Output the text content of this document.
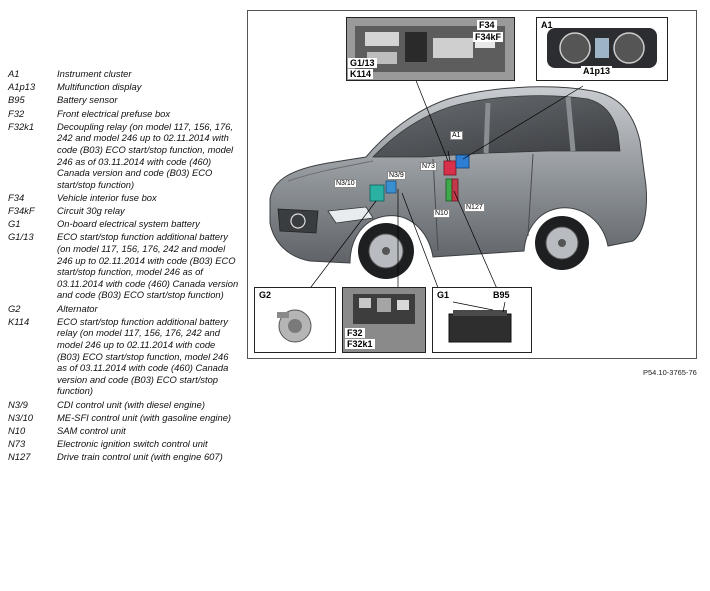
A1	Instrument cluster
A1p13	Multifunction display
B95	Battery sensor
F32	Front electrical prefuse box
F32k1	Decoupling relay (on model 117, 156, 176, 242 and model 246 up to 02.11.2014 with code (B03) ECO start/stop function, model 246 as of 03.11.2014 with code (460) Canada version and code (B03) ECO start/stop function)
F34	Vehicle interior fuse box
F34kF	Circuit 30g relay
G1	On-board electrical system battery
G1/13	ECO start/stop function additional battery (on model 117, 156, 176, 242 and model 246 up to 02.11.2014 with code (B03) ECO start/stop function, model 246 as of 03.11.2014 with code (460) Canada version and code (B03) ECO start/stop function)
G2	Alternator
K114	ECO start/stop function additional battery relay (on model 117, 156, 176, 242 and model 246 up to 02.11.2014 with code (B03) ECO start/stop function, model 246 as of 03.11.2014 with code (460) Canada version and code (B03) ECO start/stop function)
N3/9	CDI control unit (with diesel engine)
N3/10	ME-SFI control unit (with gasoline engine)
N10	SAM control unit
N73	Electronic ignition switch control unit
N127	Drive train control unit (with engine 607)
F34
F34kF
G1/13
K114
A1
A1p13
A1
N73
N3/10
N3/9
N10
N127
G2
F32
F32k1
G1	B95
P54.10-3765-76
